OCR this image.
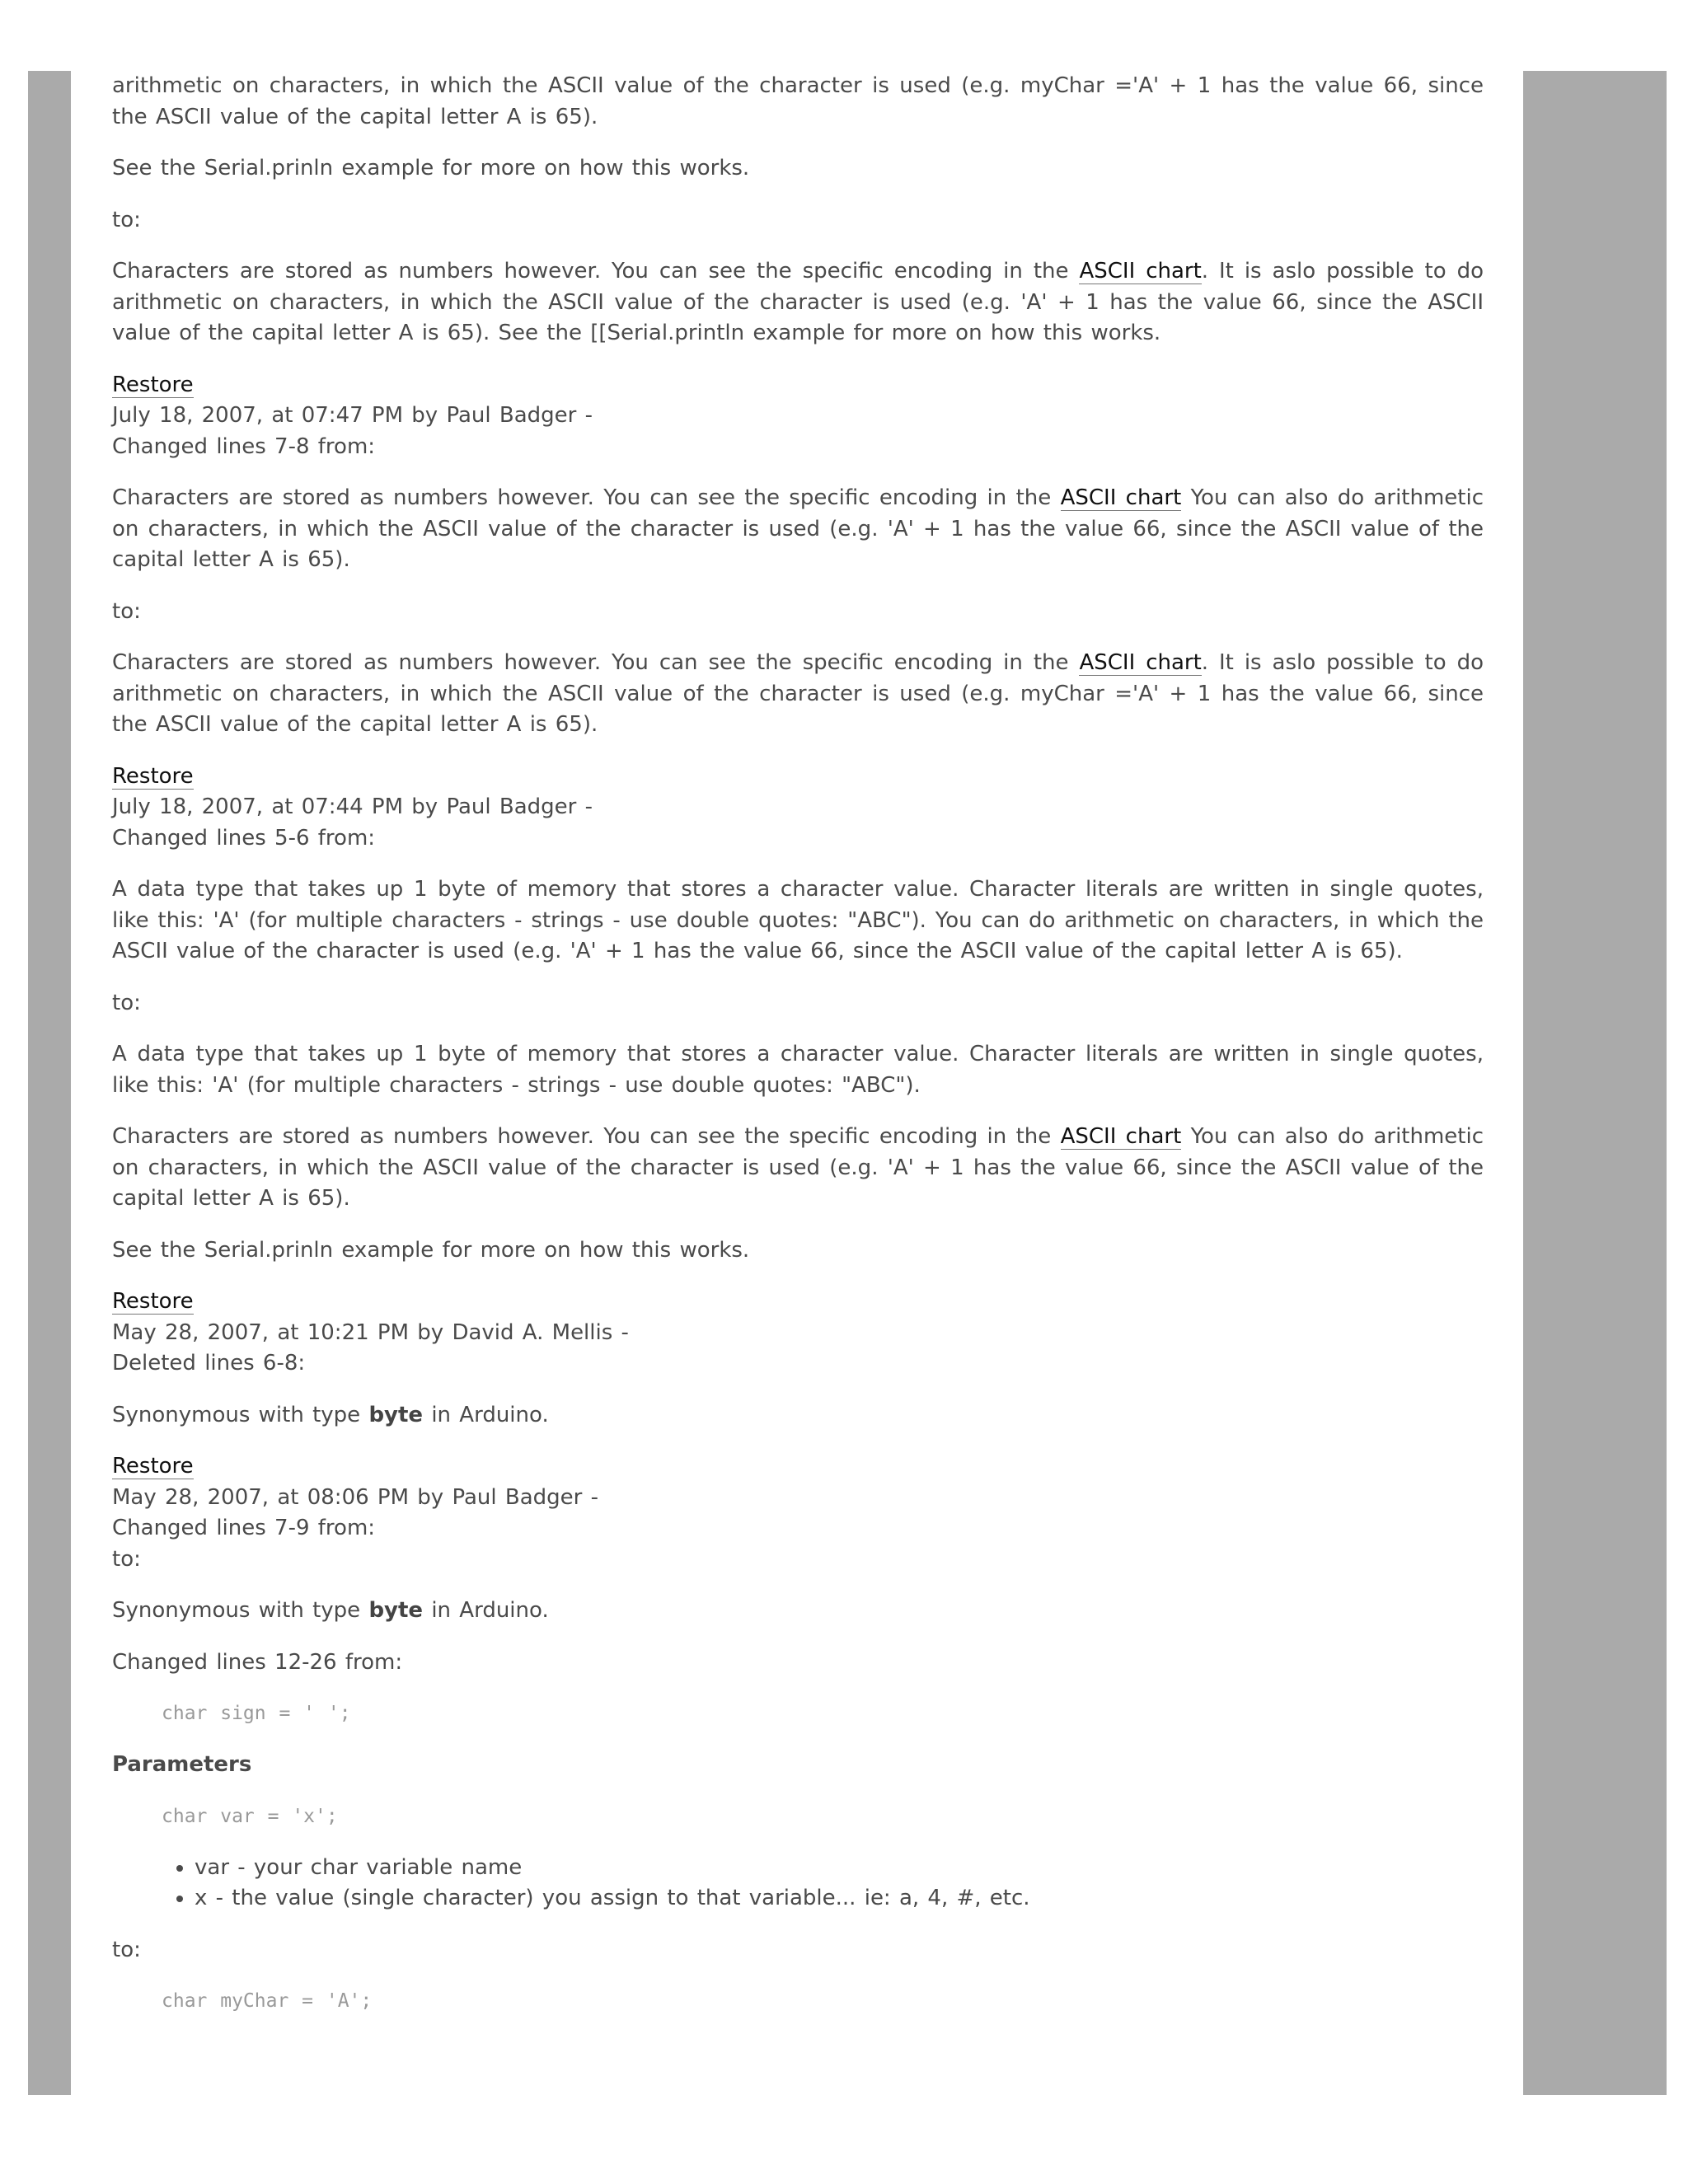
arithmetic on characters, in which the ASCII value of the character is used (e.g. myChar ='A' + 1 has the value 66, since the ASCII value of the capital letter A is 65).

See the Serial.prinln example for more on how this works.

to:

Characters are stored as numbers however. You can see the specific encoding in the ASCII chart. It is aslo possible to do arithmetic on characters, in which the ASCII value of the character is used (e.g. 'A' + 1 has the value 66, since the ASCII value of the capital letter A is 65). See the [[Serial.println example for more on how this works.

Restore
July 18, 2007, at 07:47 PM by Paul Badger -
Changed lines 7-8 from:

Characters are stored as numbers however. You can see the specific encoding in the ASCII chart You can also do arithmetic on characters, in which the ASCII value of the character is used (e.g. 'A' + 1 has the value 66, since the ASCII value of the capital letter A is 65).

to:

Characters are stored as numbers however. You can see the specific encoding in the ASCII chart. It is aslo possible to do arithmetic on characters, in which the ASCII value of the character is used (e.g. myChar ='A' + 1 has the value 66, since the ASCII value of the capital letter A is 65).

Restore
July 18, 2007, at 07:44 PM by Paul Badger -
Changed lines 5-6 from:

A data type that takes up 1 byte of memory that stores a character value. Character literals are written in single quotes, like this: 'A' (for multiple characters - strings - use double quotes: "ABC"). You can do arithmetic on characters, in which the ASCII value of the character is used (e.g. 'A' + 1 has the value 66, since the ASCII value of the capital letter A is 65).

to:

A data type that takes up 1 byte of memory that stores a character value. Character literals are written in single quotes, like this: 'A' (for multiple characters - strings - use double quotes: "ABC").

Characters are stored as numbers however. You can see the specific encoding in the ASCII chart You can also do arithmetic on characters, in which the ASCII value of the character is used (e.g. 'A' + 1 has the value 66, since the ASCII value of the capital letter A is 65).

See the Serial.prinln example for more on how this works.

Restore
May 28, 2007, at 10:21 PM by David A. Mellis -
Deleted lines 6-8:

Synonymous with type byte in Arduino.

Restore
May 28, 2007, at 08:06 PM by Paul Badger -
Changed lines 7-9 from:
to:

Synonymous with type byte in Arduino.

Changed lines 12-26 from:

char sign = ' ';
Parameters
char var = 'x';
• var - your char variable name
• x - the value (single character) you assign to that variable... ie: a, 4, #, etc.

to:

char myChar = 'A';
